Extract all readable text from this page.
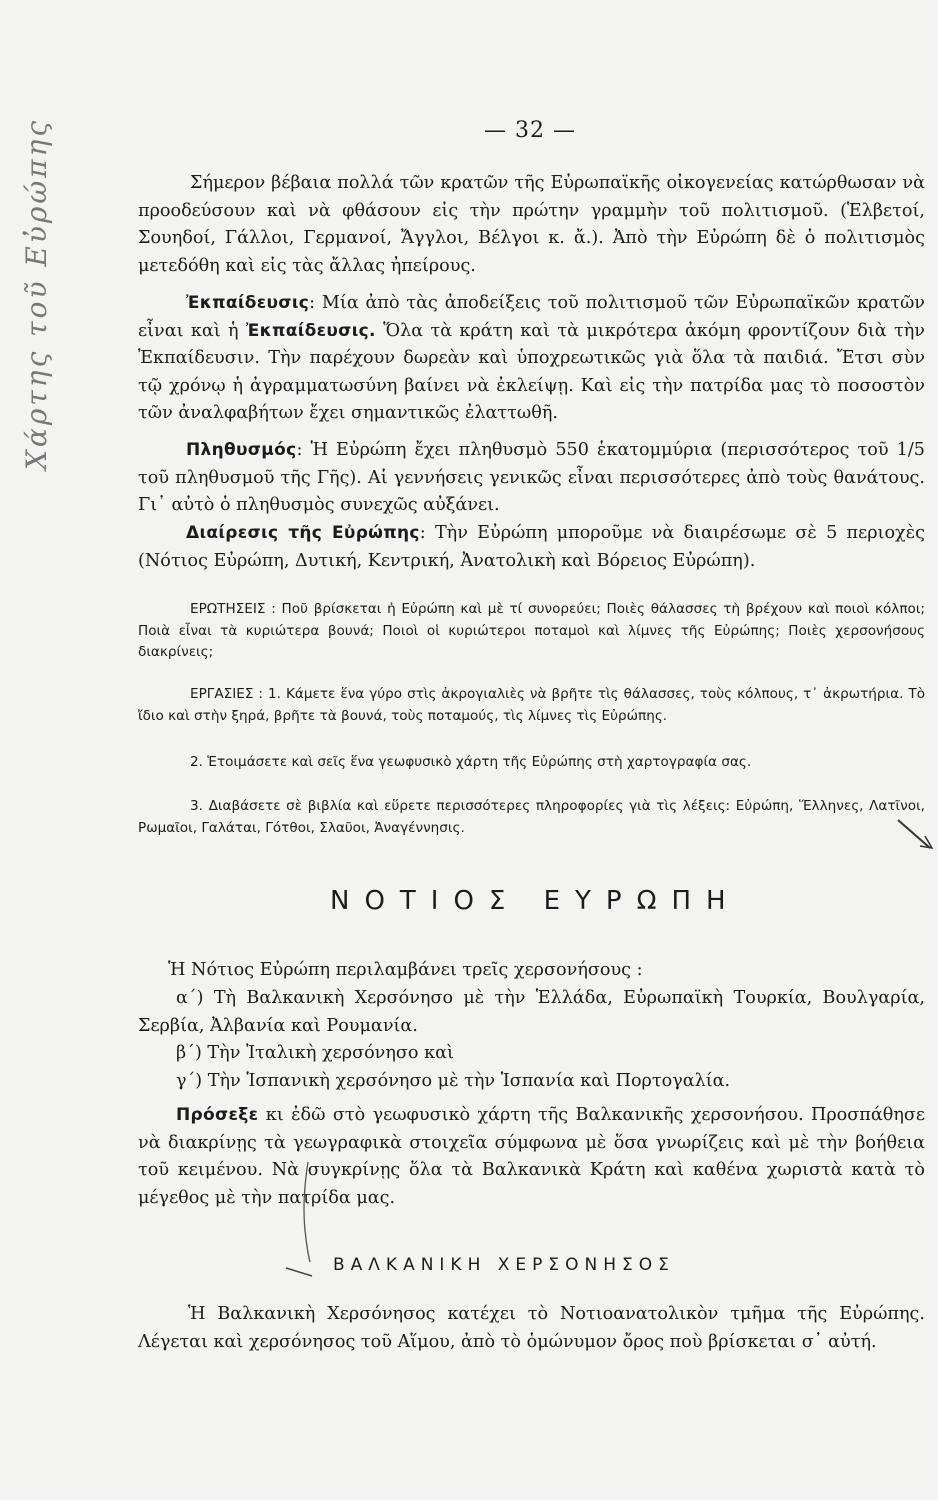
— 32 —
Χάρτης τοῦ Εὐρώπης	Σήμερον βέβαια πολλά τῶν κρατῶν τῆς Εὐρωπαϊκῆς οἰκογενείας κατώρθωσαν νὰ προοδεύσουν καὶ νὰ φθάσουν εἰς τὴν πρώτην γραμμὴν τοῦ πολιτισμοῦ. (Ἑλβετοί, Σουηδοί, Γάλλοι, Γερμανοί, Ἄγγλοι, Βέλγοι κ. ἄ.). Ἀπὸ τὴν Εὐρώπη δὲ ὁ πολιτισμὸς μετεδόθη καὶ εἰς τὰς ἄλλας ἠπείρους.

Ἐκπαίδευσις: Μία ἀπὸ τὰς ἀποδείξεις τοῦ πολιτισμοῦ τῶν Εὐρωπαϊκῶν κρατῶν εἶναι καὶ ἡ Ἐκπαίδευσις. Ὅλα τὰ κράτη καὶ τὰ μικρότερα ἀκόμη φροντίζουν διὰ τὴν Ἐκπαίδευσιν. Τὴν παρέχουν δωρεὰν καὶ ὑποχρεωτικῶς γιὰ ὅλα τὰ παιδιά. Ἔτσι σὺν τῷ χρόνῳ ἡ ἀγραμματωσύνη βαίνει νὰ ἐκλείψῃ. Καὶ εἰς τὴν πατρίδα μας τὸ ποσοστὸν τῶν ἀναλφαβήτων ἔχει σημαντικῶς ἐλαττωθῆ.

Πληθυσμός: Ἡ Εὐρώπη ἔχει πληθυσμὸ 550 ἑκατομμύρια (περισσότερος τοῦ 1/5 τοῦ πληθυσμοῦ τῆς Γῆς). Αἱ γεννήσεις γενικῶς εἶναι περισσότερες ἀπὸ τοὺς θανάτους. Γι᾿ αὐτὸ ὁ πληθυσμὸς συνεχῶς αὐξάνει.

Διαίρεσις τῆς Εὐρώπης: Τὴν Εὐρώπη μποροῦμε νὰ διαιρέσωμε σὲ 5 περιοχὲς (Νότιος Εὐρώπη, Δυτική, Κεντρική, Ἀνατολικὴ καὶ Βόρειος Εὐρώπη).

ΕΡΩΤΗΣΕΙΣ : Ποῦ βρίσκεται ἡ Εὐρώπη καὶ μὲ τί συνορεύει; Ποιὲς θάλασσες τὴ βρέχουν καὶ ποιοὶ κόλποι; Ποιὰ εἶναι τὰ κυριώτερα βουνά; Ποιοὶ οἱ κυριώτεροι ποταμοὶ καὶ λίμνες τῆς Εὐρώπης; Ποιὲς χερσονήσους διακρίνεις;

ΕΡΓΑΣΙΕΣ : 1. Κάμετε ἕνα γύρο στὶς ἀκρογιαλιὲς νὰ βρῆτε τὶς θάλασσες, τοὺς κόλπους, τ᾿ ἀκρωτήρια. Τὸ ἴδιο καὶ στὴν ξηρά, βρῆτε τὰ βουνά, τοὺς ποταμούς, τὶς λίμνες τὶς Εὐρώπης.

2. Ἑτοιμάσετε καὶ σεῖς ἕνα γεωφυσικὸ χάρτη τῆς Εὐρώπης στὴ χαρτογραφία σας.

3. Διαβάσετε σὲ βιβλία καὶ εὕρετε περισσότερες πληροφορίες γιὰ τὶς λέξεις: Εὐρώπη, Ἕλληνες, Λατῖνοι, Ρωμαῖοι, Γαλάται, Γότθοι, Σλαῦοι, Ἀναγέννησις.

ΝΟΤΙΟΣ ΕΥΡΩΠΗ

Ἡ Νότιος Εὐρώπη περιλαμβάνει τρεῖς χερσονήσους :

α΄) Τὴ Βαλκανικὴ Χερσόνησο μὲ τὴν Ἑλλάδα, Εὐρωπαϊκὴ Τουρκία, Βουλγαρία, Σερβία, Ἀλβανία καὶ Ρουμανία.

β΄) Τὴν Ἰταλικὴ χερσόνησο καὶ

γ΄) Τὴν Ἱσπανικὴ χερσόνησο μὲ τὴν Ἱσπανία καὶ Πορτογαλία.

Πρόσεξε κι ἐδῶ στὸ γεωφυσικὸ χάρτη τῆς Βαλκανικῆς χερσονήσου. Προσπάθησε νὰ διακρίνῃς τὰ γεωγραφικὰ στοιχεῖα σύμφωνα μὲ ὅσα γνωρίζεις καὶ μὲ τὴν βοήθεια τοῦ κειμένου. Νὰ συγκρίνῃς ὅλα τὰ Βαλκανικὰ Κράτη καὶ καθένα χωριστὰ κατὰ τὸ μέγεθος μὲ τὴν πατρίδα μας.

ΒΑΛΚΑΝΙΚΗ ΧΕΡΣΟΝΗΣΟΣ

Ἡ Βαλκανικὴ Χερσόνησος κατέχει τὸ Νοτιοανατολικὸν τμῆμα τῆς Εὐρώπης. Λέγεται καὶ χερσόνησος τοῦ Αἵμου, ἀπὸ τὸ ὁμώνυμον ὄρος ποὺ βρίσκεται σ᾿ αὐτή.
